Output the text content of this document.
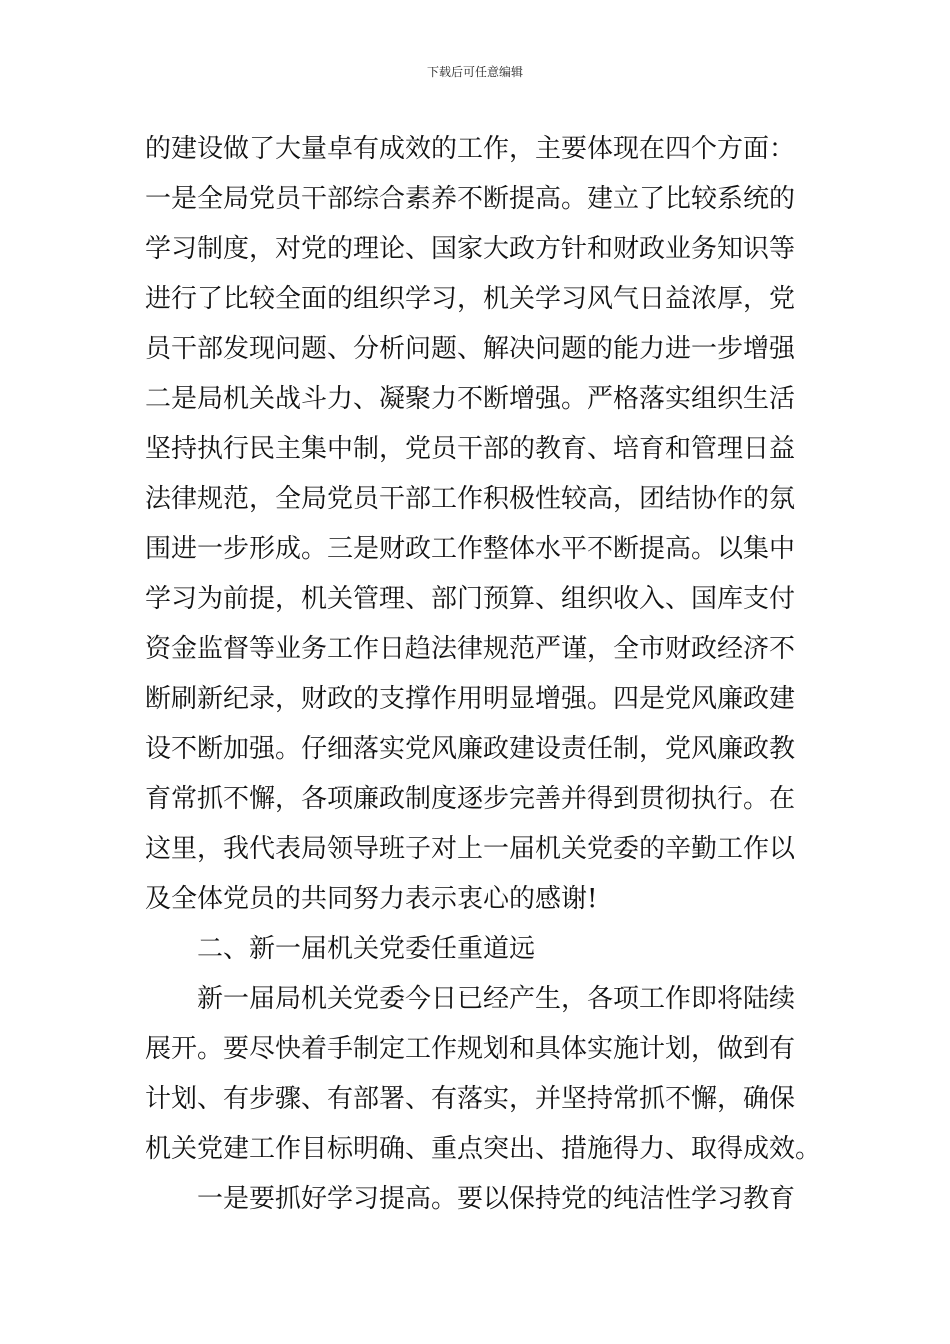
下载后可任意编辑
的建设做了大量卓有成效的工作，主要体现在四个方面：
一是全局党员干部综合素养不断提高。建立了比较系统的
学习制度，对党的理论、国家大政方针和财政业务知识等
进行了比较全面的组织学习，机关学习风气日益浓厚，党
员干部发现问题、分析问题、解决问题的能力进一步增强
二是局机关战斗力、凝聚力不断增强。严格落实组织生活
坚持执行民主集中制，党员干部的教育、培育和管理日益
法律规范，全局党员干部工作积极性较高，团结协作的氛
围进一步形成。三是财政工作整体水平不断提高。以集中
学习为前提，机关管理、部门预算、组织收入、国库支付
资金监督等业务工作日趋法律规范严谨，全市财政经济不
断刷新纪录，财政的支撑作用明显增强。四是党风廉政建
设不断加强。仔细落实党风廉政建设责任制，党风廉政教
育常抓不懈，各项廉政制度逐步完善并得到贯彻执行。在
这里，我代表局领导班子对上一届机关党委的辛勤工作以
及全体党员的共同努力表示衷心的感谢!
二、新一届机关党委任重道远
新一届局机关党委今日已经产生，各项工作即将陆续
展开。要尽快着手制定工作规划和具体实施计划，做到有
计划、有步骤、有部署、有落实，并坚持常抓不懈，确保
机关党建工作目标明确、重点突出、措施得力、取得成效。
一是要抓好学习提高。要以保持党的纯洁性学习教育
